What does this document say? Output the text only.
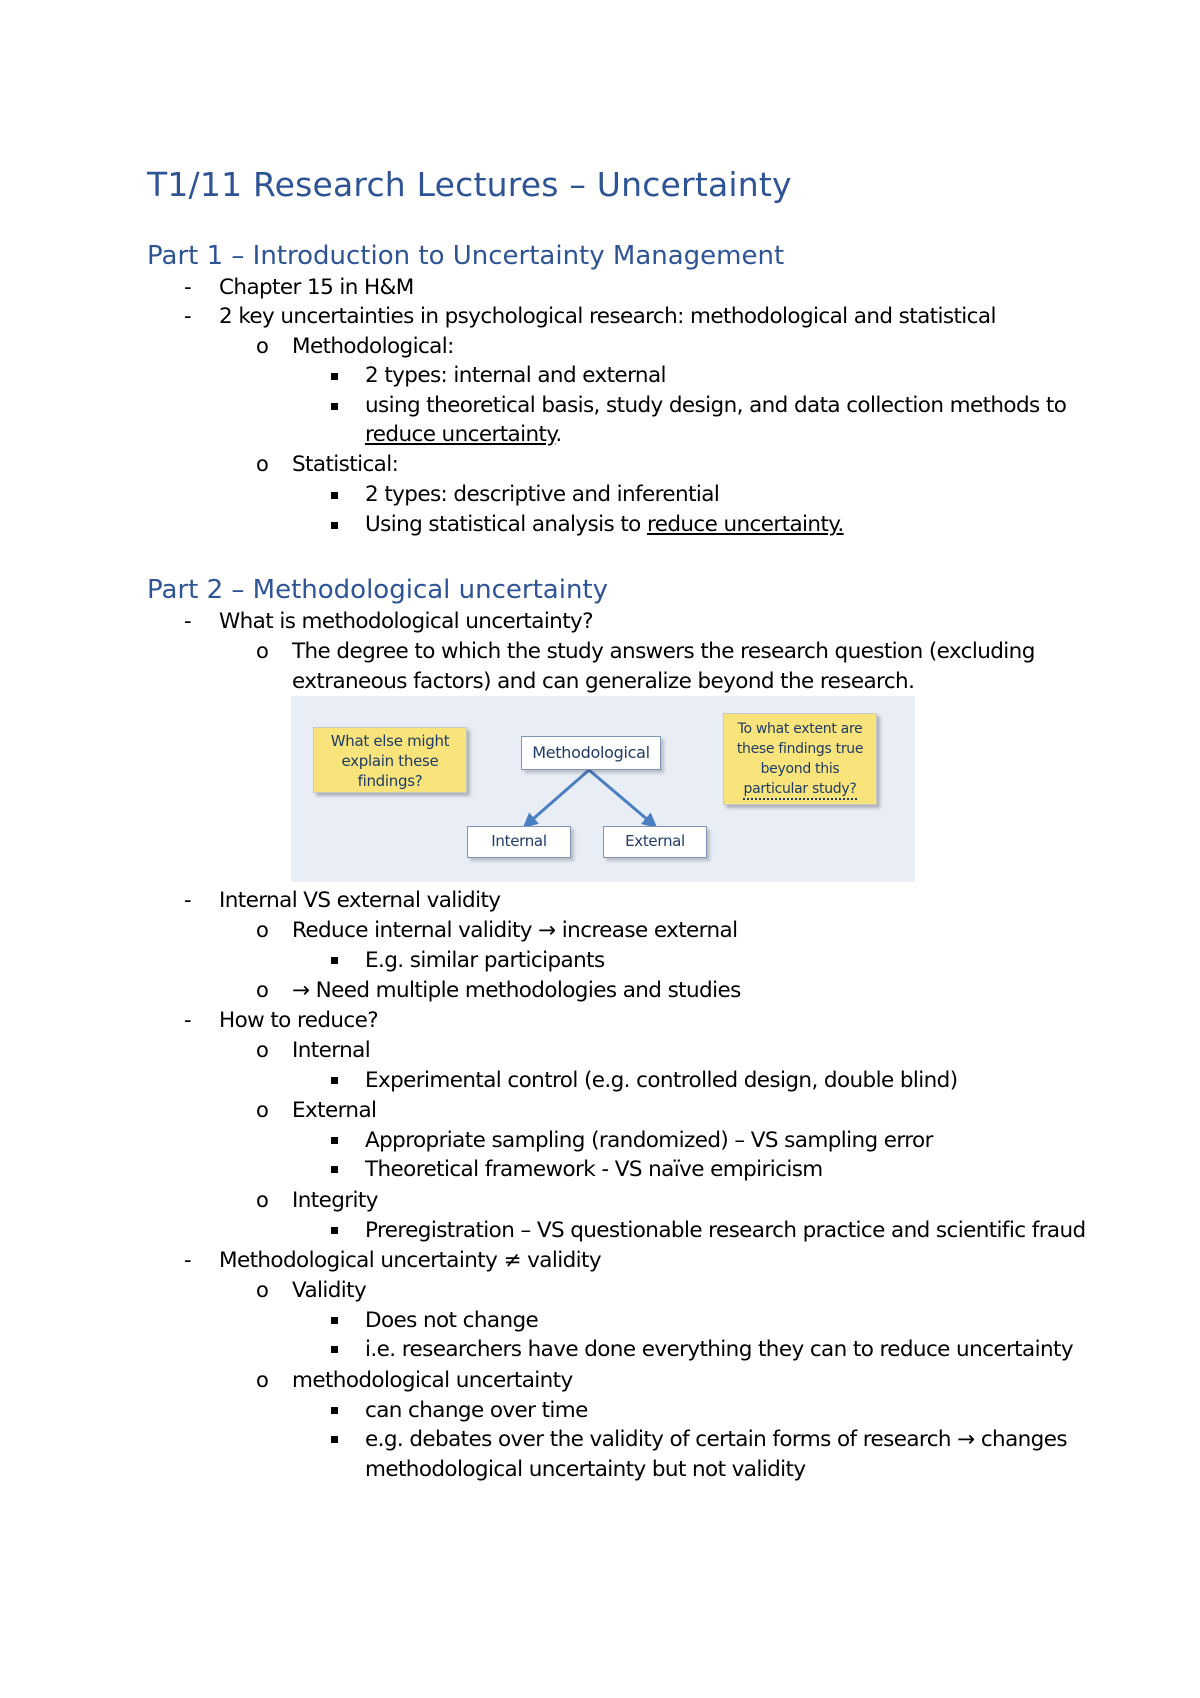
T1/11 Research Lectures – Uncertainty
Part 1 – Introduction to Uncertainty Management
- Chapter 15 in H&M

- 2 key uncertainties in psychological research: methodological and statistical

o Methodological:

2 types: internal and external

using theoretical basis, study design, and data collection methods to

reduce uncertainty.

o Statistical:

2 types: descriptive and inferential

Using statistical analysis to reduce uncertainty.

Part 2 – Methodological uncertainty
- What is methodological uncertainty?

o The degree to which the study answers the research question (excluding

extraneous factors) and can generalize beyond the research.

What else might
explain these
findings?
Methodological
Internal	External
To what extent are
these findings true
beyond this
particular study?
- Internal VS external validity

o Reduce internal validity → increase external

E.g. similar participants

o → Need multiple methodologies and studies

- How to reduce?

o Internal

Experimental control (e.g. controlled design, double blind)

o External

Appropriate sampling (randomized) – VS sampling error

Theoretical framework - VS naïve empiricism

o Integrity

Preregistration – VS questionable research practice and scientific fraud

- Methodological uncertainty ≠ validity

o Validity

Does not change

i.e. researchers have done everything they can to reduce uncertainty

o methodological uncertainty

can change over time

e.g. debates over the validity of certain forms of research → changes

methodological uncertainty but not validity
